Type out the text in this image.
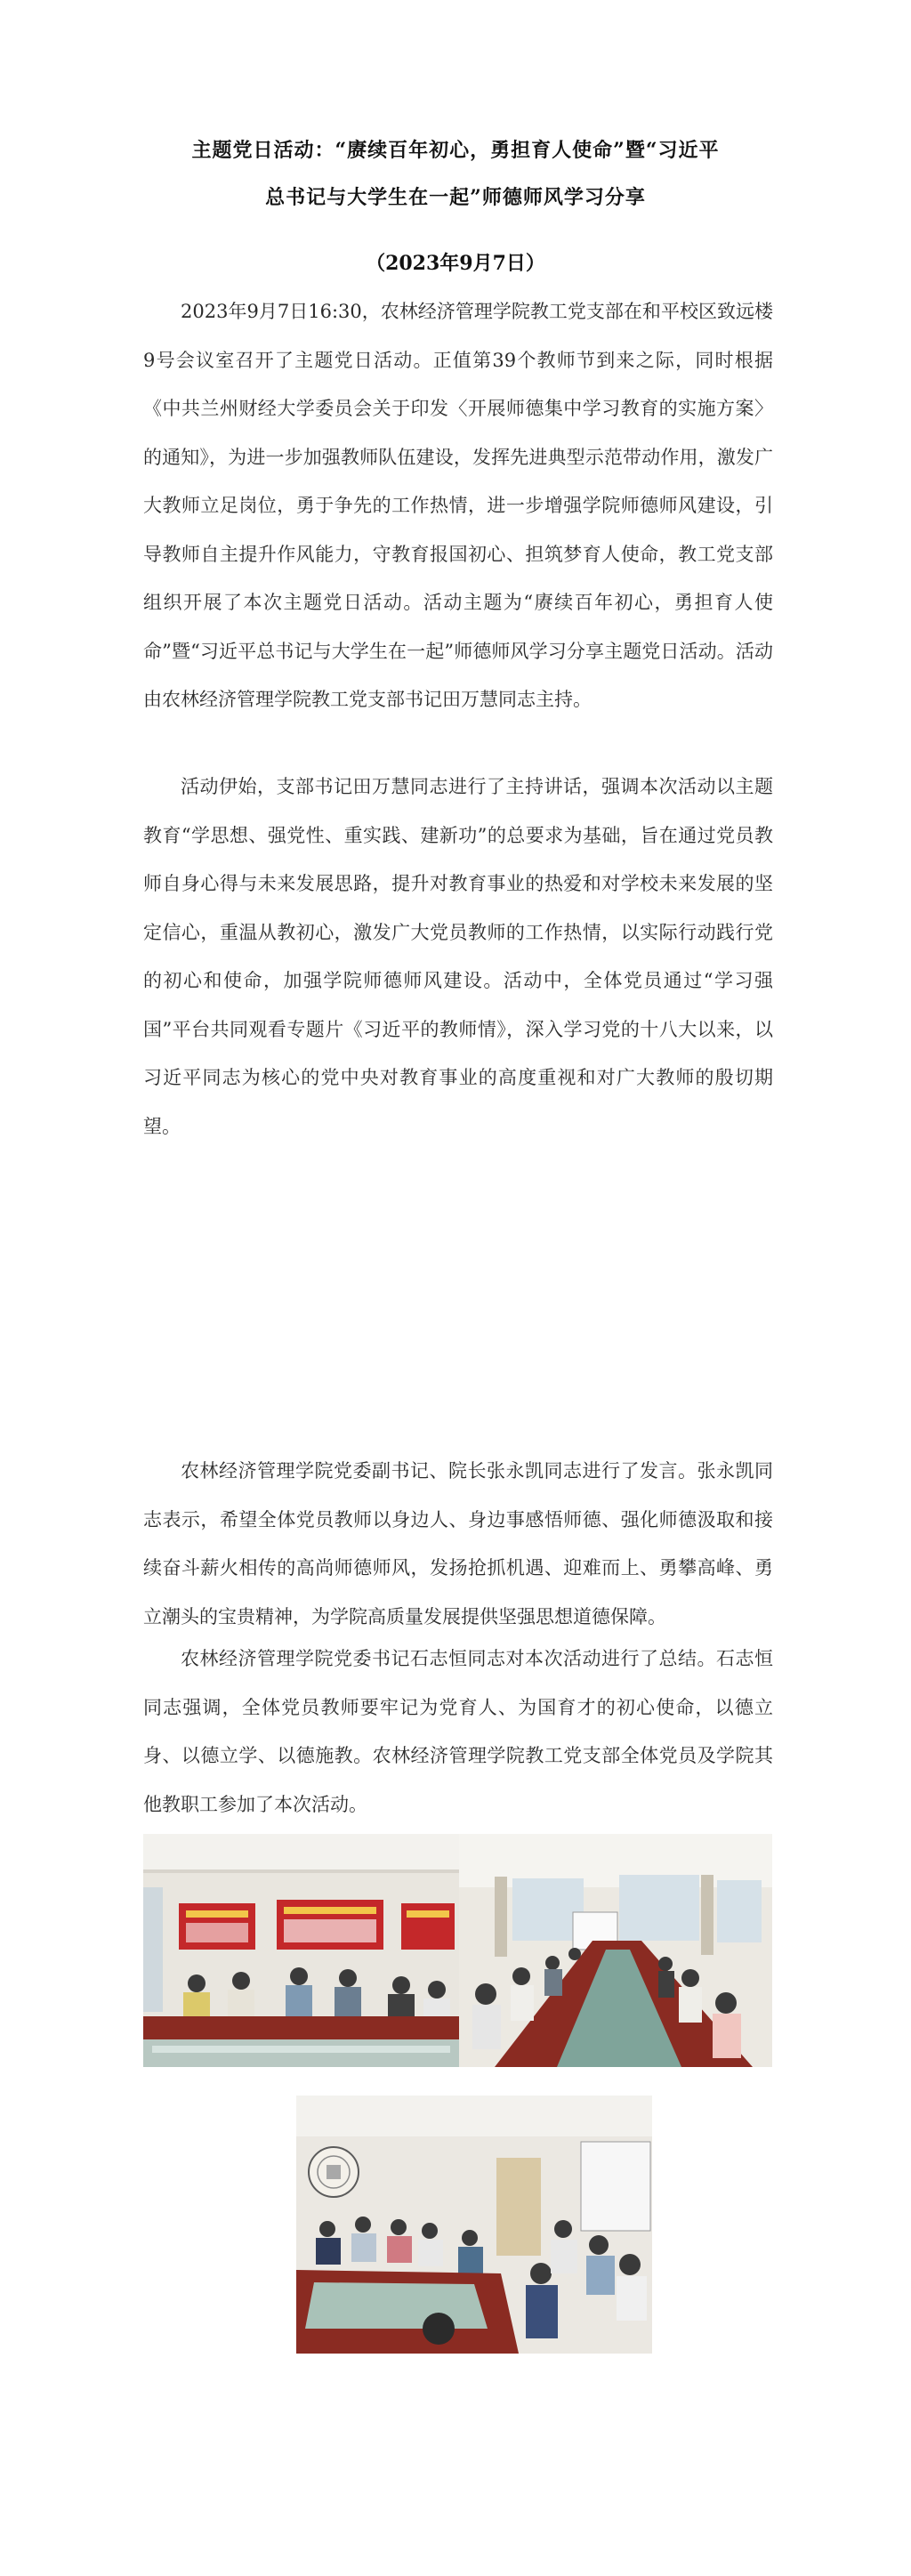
主题党日活动：“赓续百年初心，勇担育人使命”暨“习近平
总书记与大学生在一起”师德师风学习分享
（2023年9月7日）

2023年9月7日16:30，农林经济管理学院教工党支部在和平校区致远楼9号会议室召开了主题党日活动。正值第39个教师节到来之际，同时根据《中共兰州财经大学委员会关于印发〈开展师德集中学习教育的实施方案〉的通知》，为进一步加强教师队伍建设，发挥先进典型示范带动作用，激发广大教师立足岗位，勇于争先的工作热情，进一步增强学院师德师风建设，引导教师自主提升作风能力，守教育报国初心、担筑梦育人使命，教工党支部组织开展了本次主题党日活动。活动主题为“赓续百年初心，勇担育人使命”暨“习近平总书记与大学生在一起”师德师风学习分享主题党日活动。活动由农林经济管理学院教工党支部书记田万慧同志主持。

活动伊始，支部书记田万慧同志进行了主持讲话，强调本次活动以主题教育“学思想、强党性、重实践、建新功”的总要求为基础，旨在通过党员教师自身心得与未来发展思路，提升对教育事业的热爱和对学校未来发展的坚定信心，重温从教初心，激发广大党员教师的工作热情，以实际行动践行党的初心和使命，加强学院师德师风建设。活动中，全体党员通过“学习强国”平台共同观看专题片《习近平的教师情》，深入学习党的十八大以来，以习近平同志为核心的党中央对教育事业的高度重视和对广大教师的殷切期望。

农林经济管理学院党委副书记、院长张永凯同志进行了发言。张永凯同志表示，希望全体党员教师以身边人、身边事感悟师德、强化师德汲取和接续奋斗薪火相传的高尚师德师风，发扬抢抓机遇、迎难而上、勇攀高峰、勇立潮头的宝贵精神，为学院高质量发展提供坚强思想道德保障。

农林经济管理学院党委书记石志恒同志对本次活动进行了总结。石志恒同志强调，全体党员教师要牢记为党育人、为国育才的初心使命，以德立身、以德立学、以德施教。农林经济管理学院教工党支部全体党员及学院其他教职工参加了本次活动。
